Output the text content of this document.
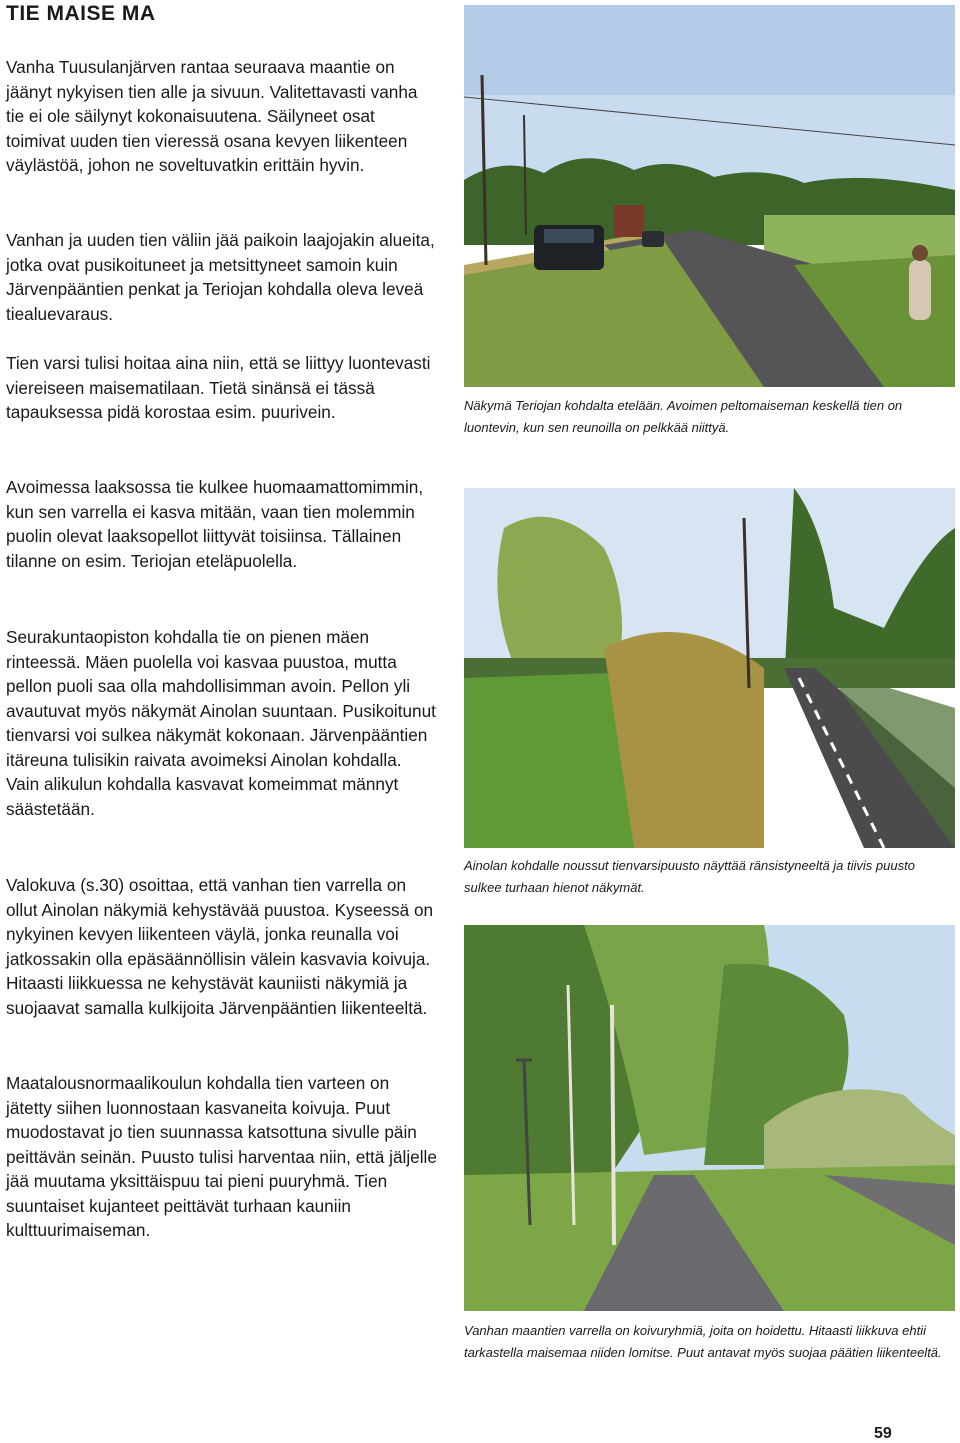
TIE MAISE MA

Vanha Tuusulanjärven rantaa seuraava maantie on jäänyt nykyisen tien alle ja sivuun. Valitettavasti vanha tie ei ole säilynyt kokonaisuutena. Säilyneet osat toimivat uuden tien vieressä osana kevyen liikenteen väylästöä, johon ne soveltuvatkin erittäin hyvin.

Vanhan ja uuden tien väliin jää paikoin laajojakin alueita, jotka ovat pusikoituneet ja metsittyneet samoin kuin Järvenpääntien penkat ja Teriojan kohdalla oleva leveä tiealuevaraus.

Tien varsi tulisi hoitaa aina niin, että se liittyy luontevasti viereiseen maisematilaan. Tietä sinänsä ei tässä tapauksessa pidä korostaa esim. puurivein.

Avoimessa laaksossa tie kulkee huomaamattomimmin, kun sen varrella ei kasva mitään, vaan tien molemmin puolin olevat laaksopellot liittyvät toisiinsa. Tällainen tilanne on esim. Teriojan eteläpuolella.

Seurakuntaopiston kohdalla tie on pienen mäen rinteessä. Mäen puolella voi kasvaa puustoa, mutta pellon puoli saa olla mahdollisimman avoin. Pellon yli avautuvat myös näkymät Ainolan suuntaan. Pusikoitunut tienvarsi voi sulkea näkymät kokonaan. Järvenpääntien itäreuna tulisikin raivata avoimeksi Ainolan kohdalla. Vain alikulun kohdalla kasvavat komeimmat männyt säästetään.

Valokuva (s.30) osoittaa, että vanhan tien varrella on ollut Ainolan näkymiä kehystävää puustoa. Kyseessä on nykyinen kevyen liikenteen väylä, jonka reunalla voi jatkossakin olla epäsäännöllisin välein kasvavia koivuja. Hitaasti liikkuessa ne kehystävät kauniisti näkymiä ja suojaavat samalla kulkijoita Järvenpääntien liikenteeltä.

Maatalousnormaalikoulun kohdalla tien varteen on jätetty siihen luonnostaan kasvaneita koivuja. Puut muodostavat jo tien suunnassa katsottuna sivulle päin peittävän seinän. Puusto tulisi harventaa niin, että jäljelle jää muutama yksittäispuu tai pieni puuryhmä. Tien suuntaiset kujanteet peittävät turhaan kauniin kulttuurimaiseman.

Näkymä Teriojan kohdalta etelään. Avoimen peltomaiseman keskellä tien on luontevin, kun sen reunoilla on pelkkää niittyä.

Ainolan kohdalle noussut tienvarsipuusto näyttää ränsistyneeltä ja tiivis puusto sulkee turhaan hienot näkymät.

Vanhan maantien varrella on koivuryhmiä, joita on hoidettu. Hitaasti liikkuva ehtii tarkastella maisemaa niiden lomitse. Puut antavat myös suojaa päätien liikenteeltä.

59
